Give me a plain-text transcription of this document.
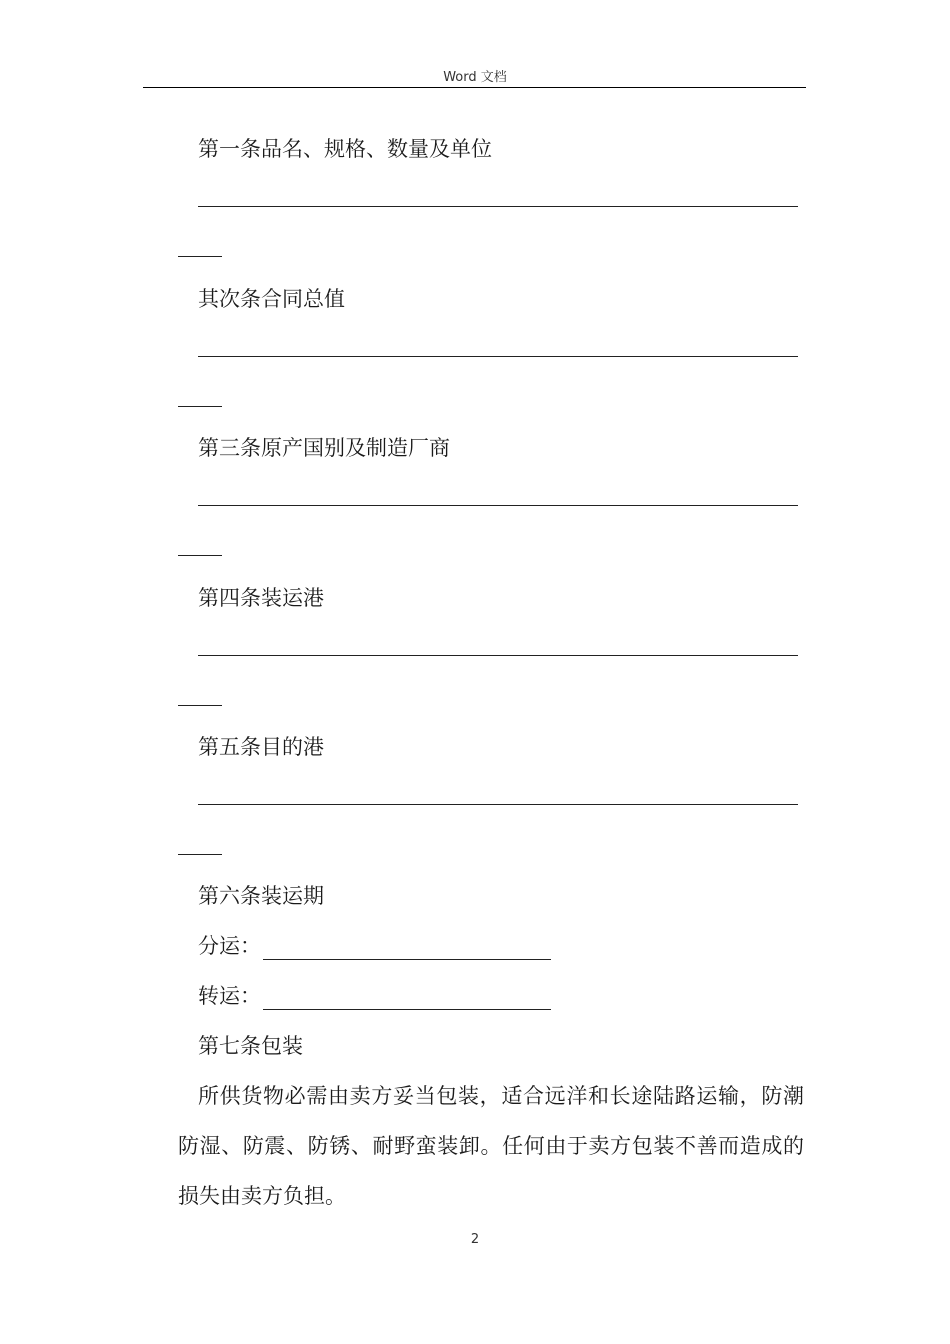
Word 文档
第一条品名、规格、数量及单位
其次条合同总值
第三条原产国别及制造厂商
第四条装运港
第五条目的港
第六条装运期
分运：
转运：
第七条包装
所供货物必需由卖方妥当包装，适合远洋和长途陆路运输，防潮防湿、防震、防锈、耐野蛮装卸。任何由于卖方包装不善而造成的损失由卖方负担。
2
